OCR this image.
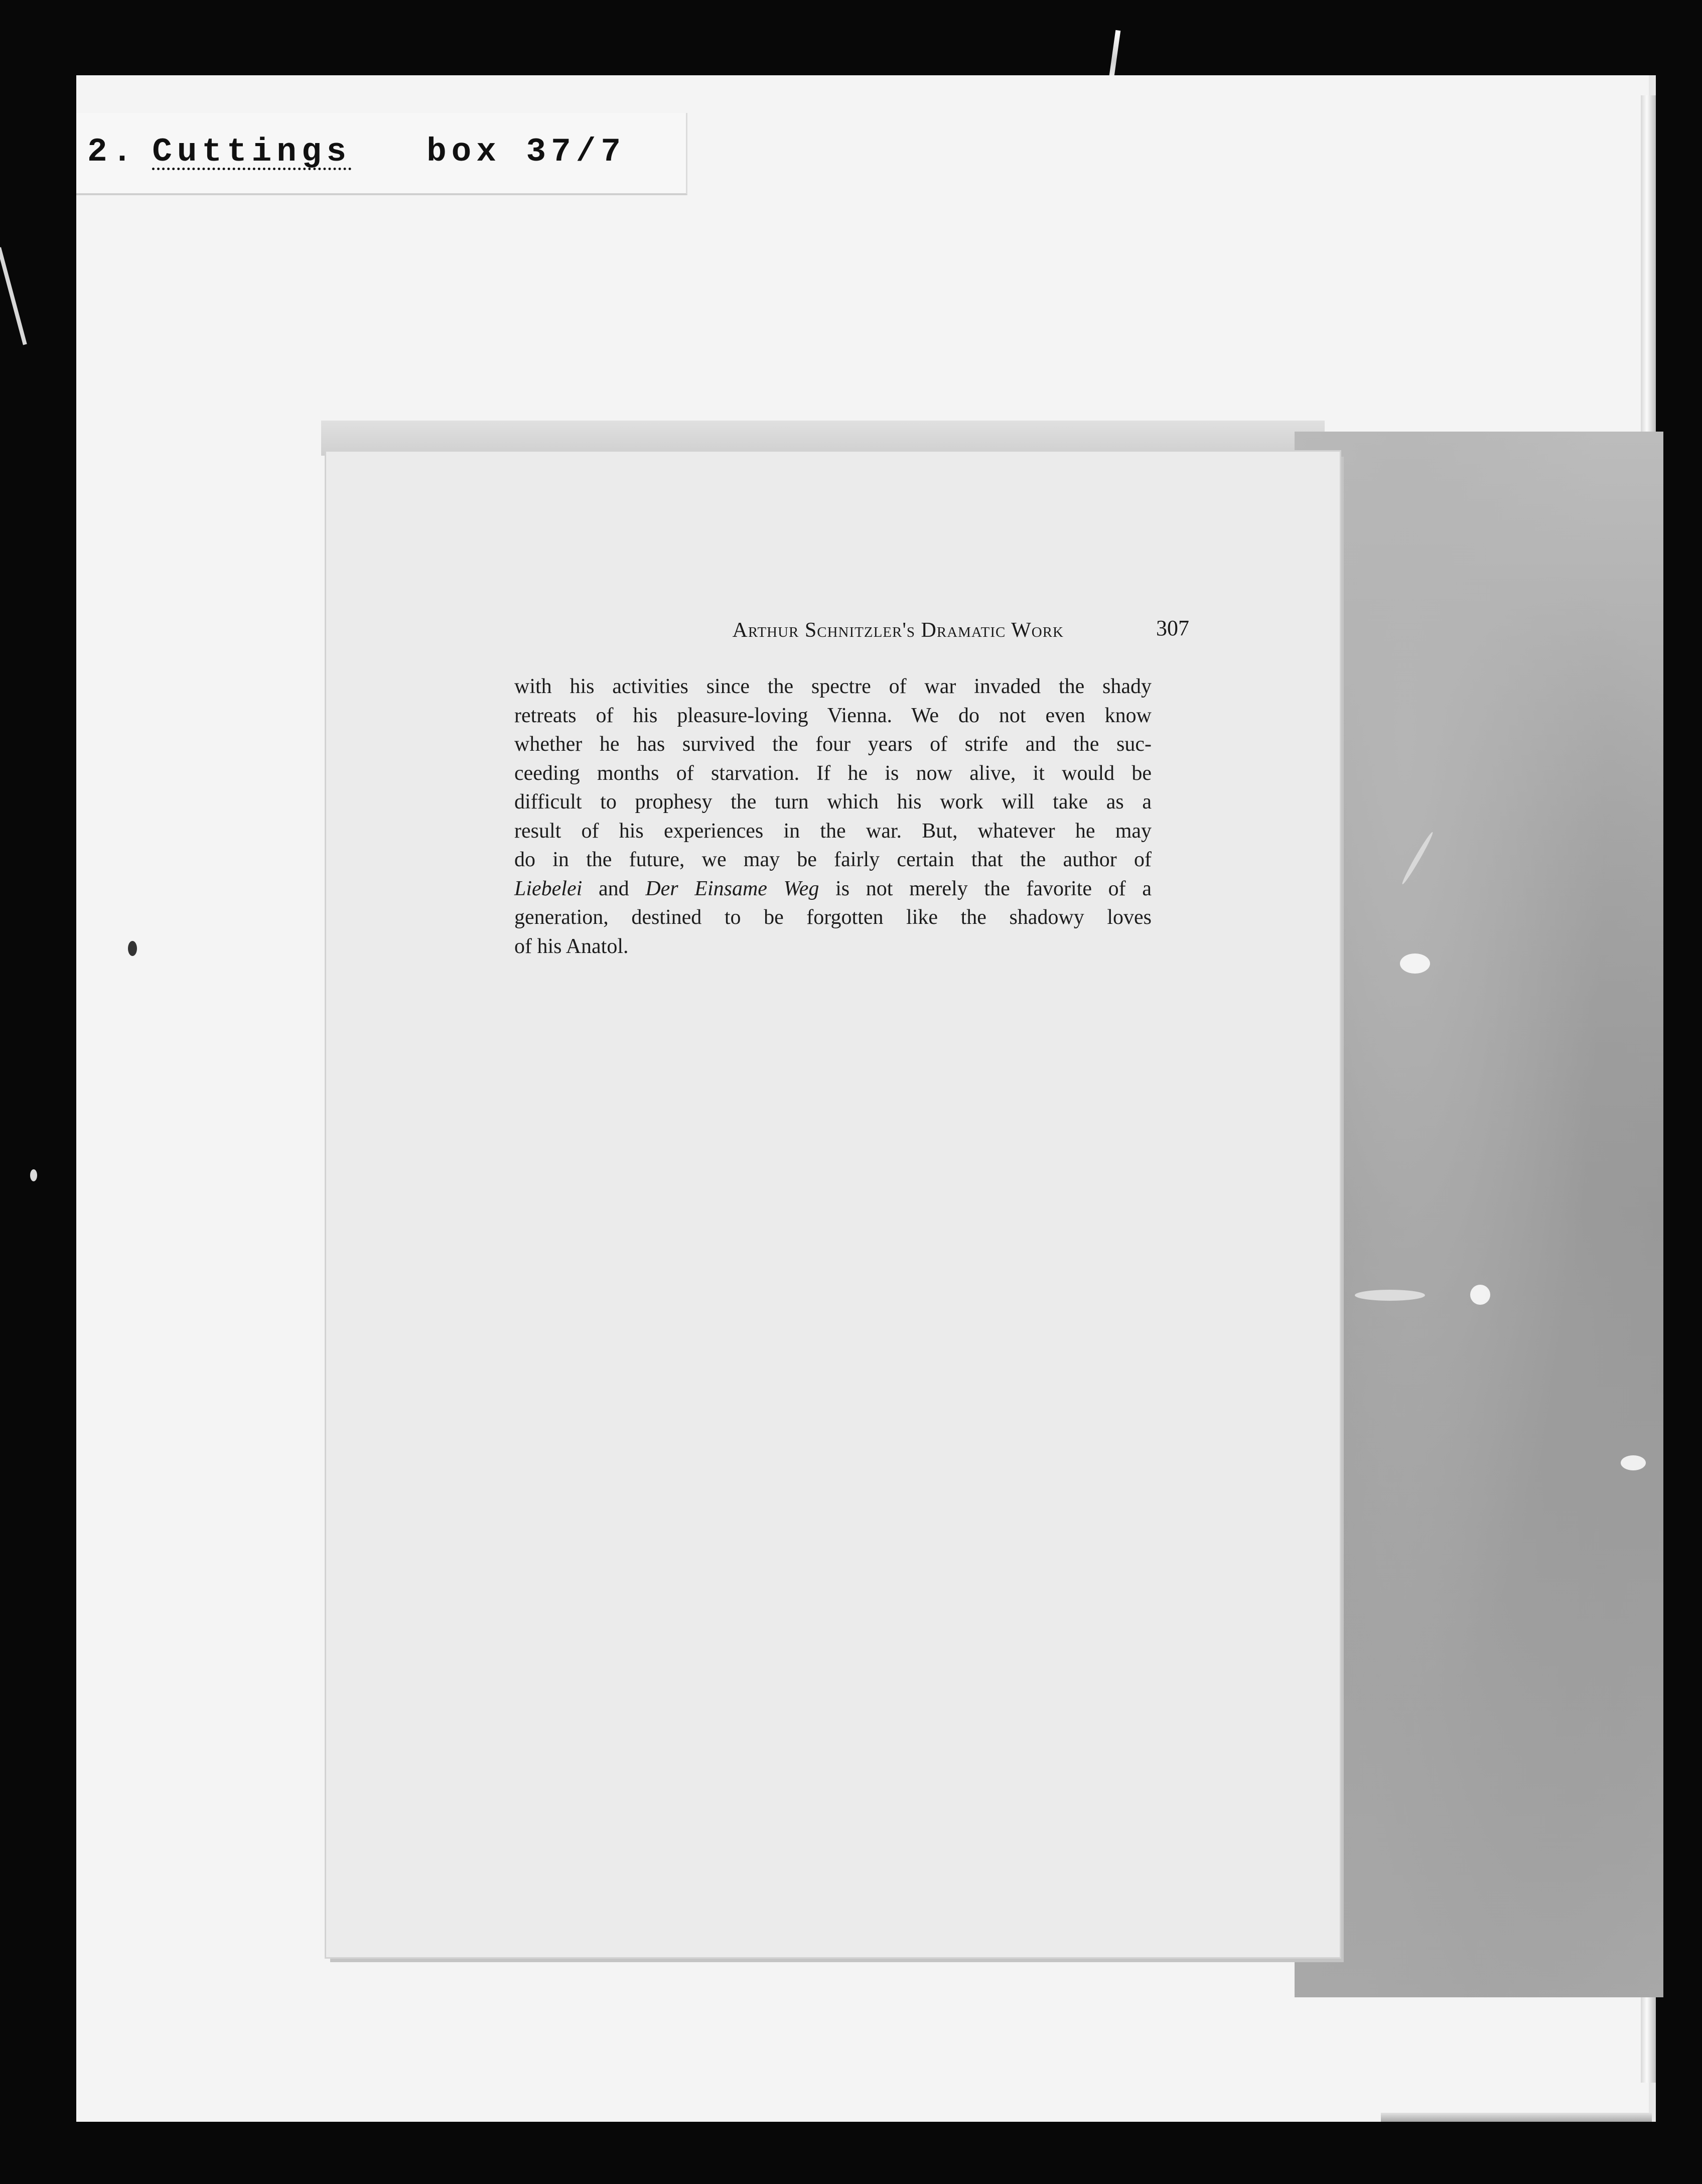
2. Cuttings box 37/7
Arthur Schnitzler's Dramatic Work	307
with his activities since the spectre of war invaded the shady
retreats of his pleasure-loving Vienna. We do not even know
whether he has survived the four years of strife and the suc-
ceeding months of starvation. If he is now alive, it would be
difficult to prophesy the turn which his work will take as a
result of his experiences in the war. But, whatever he may
do in the future, we may be fairly certain that the author of
Liebelei and Der Einsame Weg is not merely the favorite of a
generation, destined to be forgotten like the shadowy loves
of his Anatol.
